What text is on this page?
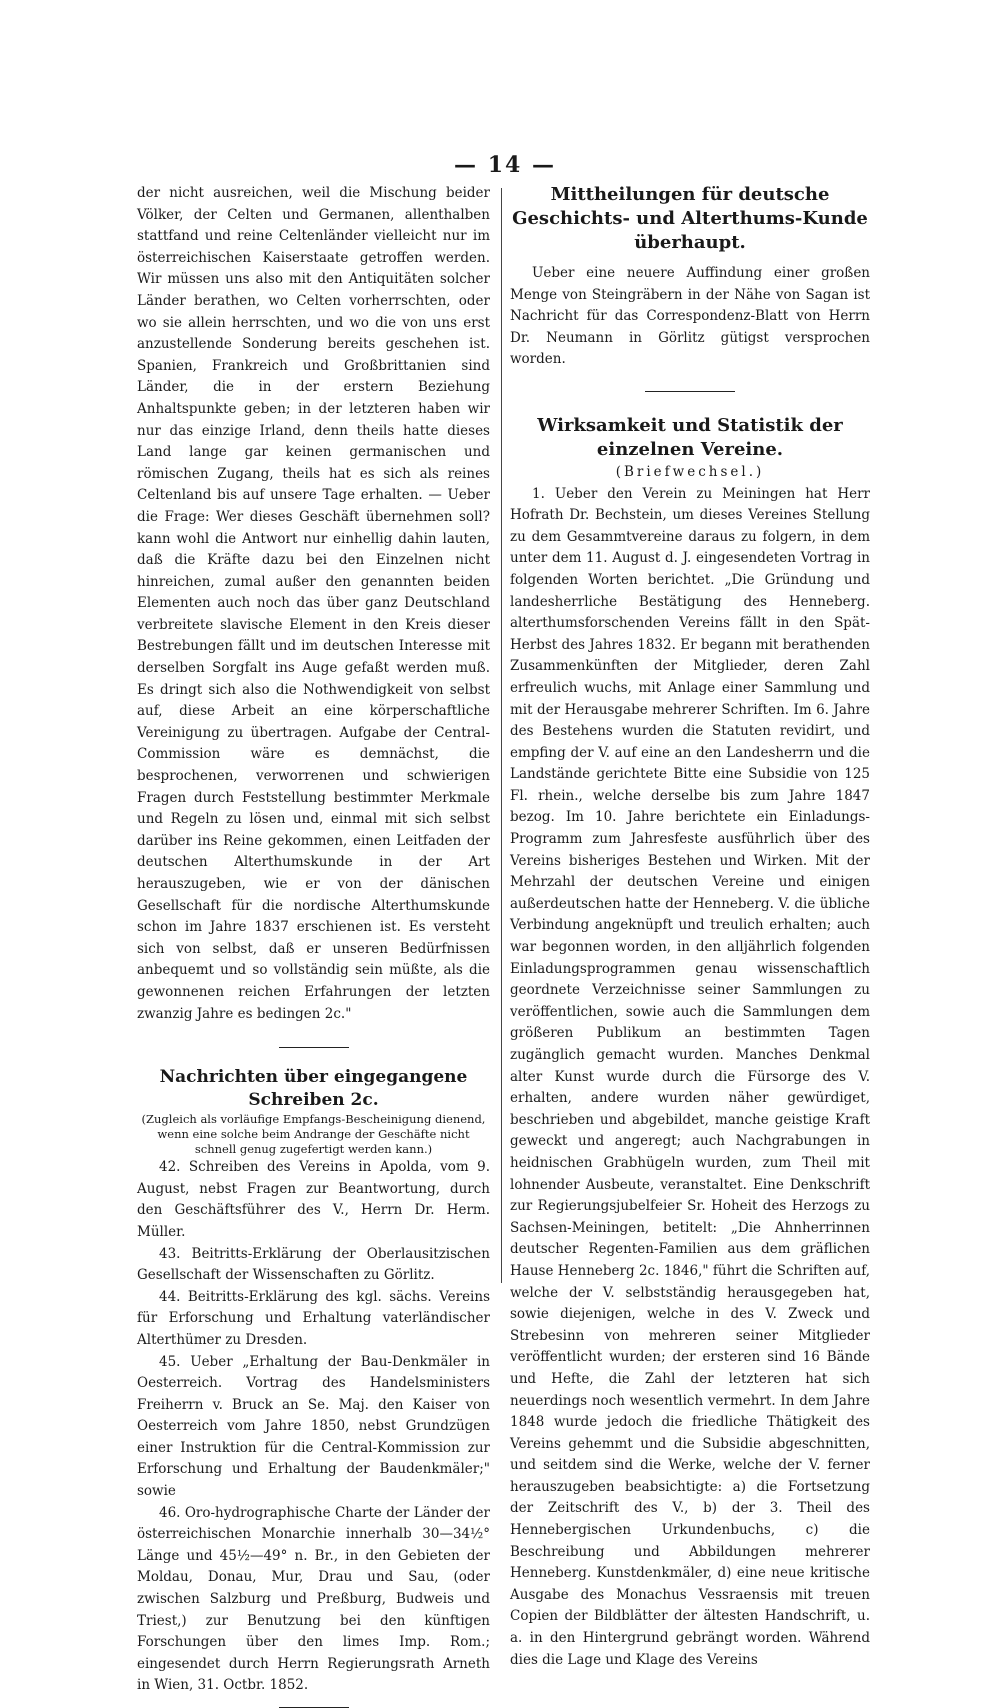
— 14 —

der nicht ausreichen, weil die Mischung beider Völker, der Celten und Germanen, allenthalben stattfand und reine Celtenländer vielleicht nur im österreichischen Kaiserstaate getroffen werden. Wir müssen uns also mit den Antiquitäten solcher Länder berathen, wo Celten vorherrschten, oder wo sie allein herrschten, und wo die von uns erst anzustellende Sonderung bereits geschehen ist. Spanien, Frankreich und Großbrittanien sind Länder, die in der erstern Beziehung Anhaltspunkte geben; in der letzteren haben wir nur das einzige Irland, denn theils hatte dieses Land lange gar keinen germanischen und römischen Zugang, theils hat es sich als reines Celtenland bis auf unsere Tage erhalten. — Ueber die Frage: Wer dieses Geschäft übernehmen soll? kann wohl die Antwort nur einhellig dahin lauten, daß die Kräfte dazu bei den Einzelnen nicht hinreichen, zumal außer den genannten beiden Elementen auch noch das über ganz Deutschland verbreitete slavische Element in den Kreis dieser Bestrebungen fällt und im deutschen Interesse mit derselben Sorgfalt ins Auge gefaßt werden muß. Es dringt sich also die Nothwendigkeit von selbst auf, diese Arbeit an eine körperschaftliche Vereinigung zu übertragen. Aufgabe der Central-Commission wäre es demnächst, die besprochenen, verworrenen und schwierigen Fragen durch Feststellung bestimmter Merkmale und Regeln zu lösen und, einmal mit sich selbst darüber ins Reine gekommen, einen Leitfaden der deutschen Alterthumskunde in der Art herauszugeben, wie er von der dänischen Gesellschaft für die nordische Alterthumskunde schon im Jahre 1837 erschienen ist. Es versteht sich von selbst, daß er unseren Bedürfnissen anbequemt und so vollständig sein müßte, als die gewonnenen reichen Erfahrungen der letzten zwanzig Jahre es bedingen 2c."

Nachrichten über eingegangene Schreiben 2c.

(Zugleich als vorläufige Empfangs-Bescheinigung dienend, wenn eine solche beim Andrange der Geschäfte nicht schnell genug zugefertigt werden kann.)

42. Schreiben des Vereins in Apolda, vom 9. August, nebst Fragen zur Beantwortung, durch den Geschäftsführer des V., Herrn Dr. Herm. Müller.

43. Beitritts-Erklärung der Oberlausitzischen Gesellschaft der Wissenschaften zu Görlitz.

44. Beitritts-Erklärung des kgl. sächs. Vereins für Erforschung und Erhaltung vaterländischer Alterthümer zu Dresden.

45. Ueber „Erhaltung der Bau-Denkmäler in Oesterreich. Vortrag des Handelsministers Freiherrn v. Bruck an Se. Maj. den Kaiser von Oesterreich vom Jahre 1850, nebst Grundzügen einer Instruktion für die Central-Kommission zur Erforschung und Erhaltung der Baudenkmäler;" sowie

46. Oro-hydrographische Charte der Länder der österreichischen Monarchie innerhalb 30—34½° Länge und 45½—49° n. Br., in den Gebieten der Moldau, Donau, Mur, Drau und Sau, (oder zwischen Salzburg und Preßburg, Budweis und Triest,) zur Benutzung bei den künftigen Forschungen über den limes Imp. Rom.; eingesendet durch Herrn Regierungsrath Arneth in Wien, 31. Octbr. 1852.

Mittheilungen für deutsche Geschichts- und Alterthums-Kunde überhaupt.

Ueber eine neuere Auffindung einer großen Menge von Steingräbern in der Nähe von Sagan ist Nachricht für das Correspondenz-Blatt von Herrn Dr. Neumann in Görlitz gütigst versprochen worden.

Wirksamkeit und Statistik der einzelnen Vereine.

(Briefwechsel.)

1. Ueber den Verein zu Meiningen hat Herr Hofrath Dr. Bechstein, um dieses Vereines Stellung zu dem Gesammtvereine daraus zu folgern, in dem unter dem 11. August d. J. eingesendeten Vortrag in folgenden Worten berichtet. „Die Gründung und landesherrliche Bestätigung des Henneberg. alterthumsforschenden Vereins fällt in den Spät-Herbst des Jahres 1832. Er begann mit berathenden Zusammenkünften der Mitglieder, deren Zahl erfreulich wuchs, mit Anlage einer Sammlung und mit der Herausgabe mehrerer Schriften. Im 6. Jahre des Bestehens wurden die Statuten revidirt, und empfing der V. auf eine an den Landesherrn und die Landstände gerichtete Bitte eine Subsidie von 125 Fl. rhein., welche derselbe bis zum Jahre 1847 bezog. Im 10. Jahre berichtete ein Einladungs-Programm zum Jahresfeste ausführlich über des Vereins bisheriges Bestehen und Wirken. Mit der Mehrzahl der deutschen Vereine und einigen außerdeutschen hatte der Henneberg. V. die übliche Verbindung angeknüpft und treulich erhalten; auch war begonnen worden, in den alljährlich folgenden Einladungsprogrammen genau wissenschaftlich geordnete Verzeichnisse seiner Sammlungen zu veröffentlichen, sowie auch die Sammlungen dem größeren Publikum an bestimmten Tagen zugänglich gemacht wurden. Manches Denkmal alter Kunst wurde durch die Fürsorge des V. erhalten, andere wurden näher gewürdiget, beschrieben und abgebildet, manche geistige Kraft geweckt und angeregt; auch Nachgrabungen in heidnischen Grabhügeln wurden, zum Theil mit lohnender Ausbeute, veranstaltet. Eine Denkschrift zur Regierungsjubelfeier Sr. Hoheit des Herzogs zu Sachsen-Meiningen, betitelt: „Die Ahnherrinnen deutscher Regenten-Familien aus dem gräflichen Hause Henneberg 2c. 1846," führt die Schriften auf, welche der V. selbstständig herausgegeben hat, sowie diejenigen, welche in des V. Zweck und Strebesinn von mehreren seiner Mitglieder veröffentlicht wurden; der ersteren sind 16 Bände und Hefte, die Zahl der letzteren hat sich neuerdings noch wesentlich vermehrt. In dem Jahre 1848 wurde jedoch die friedliche Thätigkeit des Vereins gehemmt und die Subsidie abgeschnitten, und seitdem sind die Werke, welche der V. ferner herauszugeben beabsichtigte: a) die Fortsetzung der Zeitschrift des V., b) der 3. Theil des Hennebergischen Urkundenbuchs, c) die Beschreibung und Abbildungen mehrerer Henneberg. Kunstdenkmäler, d) eine neue kritische Ausgabe des Monachus Vessraensis mit treuen Copien der Bildblätter der ältesten Handschrift, u. a. in den Hintergrund gebrängt worden. Während dies die Lage und Klage des Vereins
